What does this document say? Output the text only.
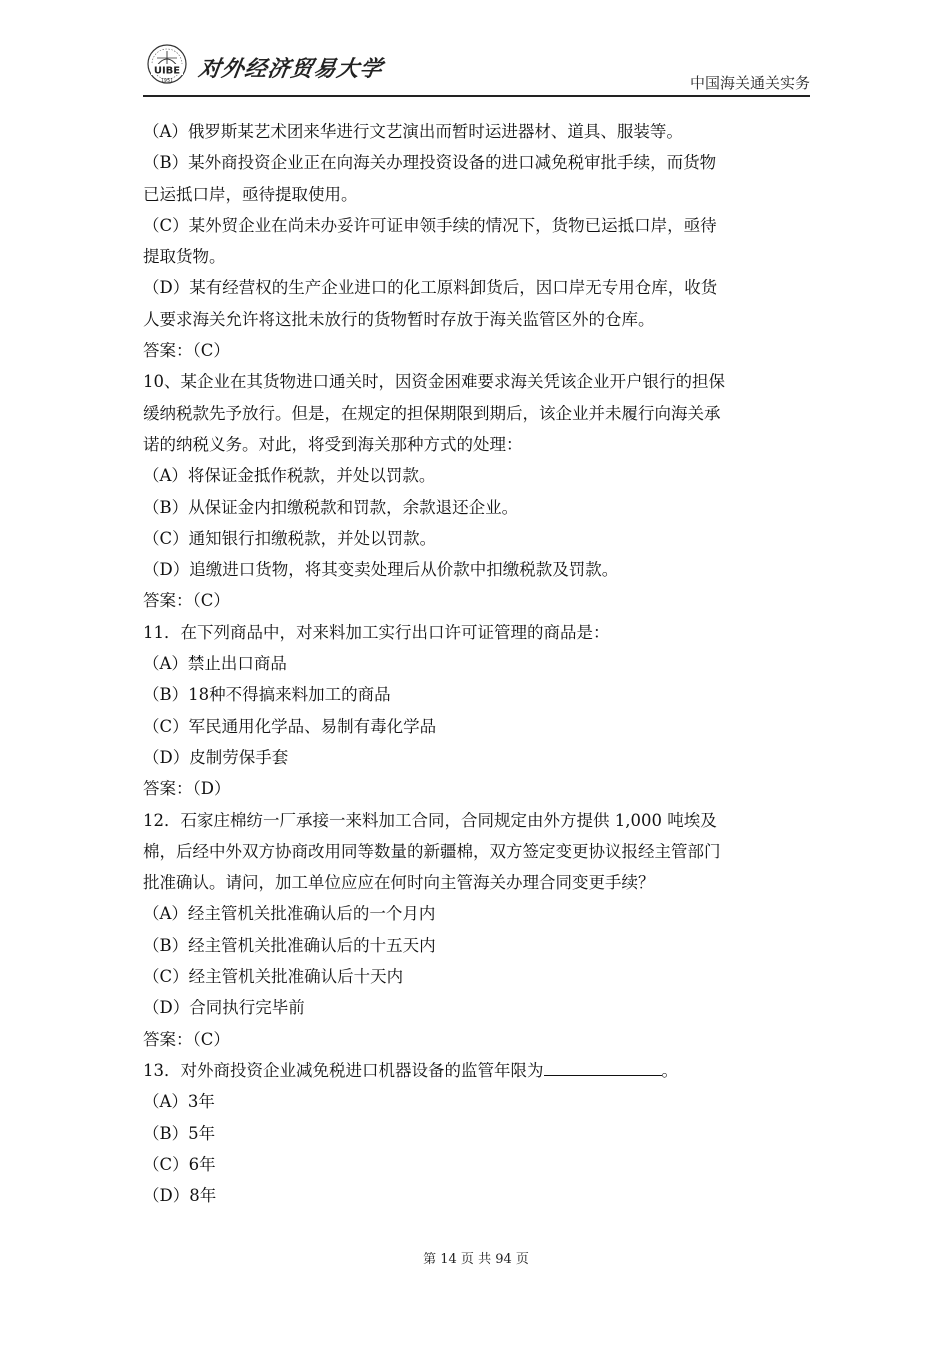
UIBE
1951 对外经济贸易大学
中国海关通关实务
（A）俄罗斯某艺术团来华进行文艺演出而暂时运进器材、道具、服装等。
（B）某外商投资企业正在向海关办理投资设备的进口减免税审批手续，而货物
已运抵口岸，亟待提取使用。
（C）某外贸企业在尚未办妥许可证申领手续的情况下，货物已运抵口岸，亟待
提取货物。
（D）某有经营权的生产企业进口的化工原料卸货后，因口岸无专用仓库，收货
人要求海关允许将这批未放行的货物暂时存放于海关监管区外的仓库。
答案：（C）
10、某企业在其货物进口通关时，因资金困难要求海关凭该企业开户银行的担保
缓纳税款先予放行。但是，在规定的担保期限到期后，该企业并未履行向海关承
诺的纳税义务。对此，将受到海关那种方式的处理：
（A）将保证金抵作税款，并处以罚款。
（B）从保证金内扣缴税款和罚款，余款退还企业。
（C）通知银行扣缴税款，并处以罚款。
（D）追缴进口货物，将其变卖处理后从价款中扣缴税款及罚款。
答案：（C）
11．在下列商品中，对来料加工实行出口许可证管理的商品是：
（A）禁止出口商品
（B）18种不得搞来料加工的商品
（C）军民通用化学品、易制有毒化学品
（D）皮制劳保手套
答案：（D）
12．石家庄棉纺一厂承接一来料加工合同，合同规定由外方提供 1,000 吨埃及
棉，后经中外双方协商改用同等数量的新疆棉，双方签定变更协议报经主管部门
批准确认。请问，加工单位应应在何时向主管海关办理合同变更手续？
（A）经主管机关批准确认后的一个月内
（B）经主管机关批准确认后的十五天内
（C）经主管机关批准确认后十天内
（D）合同执行完毕前
答案：（C）
13．对外商投资企业减免税进口机器设备的监管年限为	。
（A）3年
（B）5年
（C）6年
（D）8年
第 14 页 共 94 页
